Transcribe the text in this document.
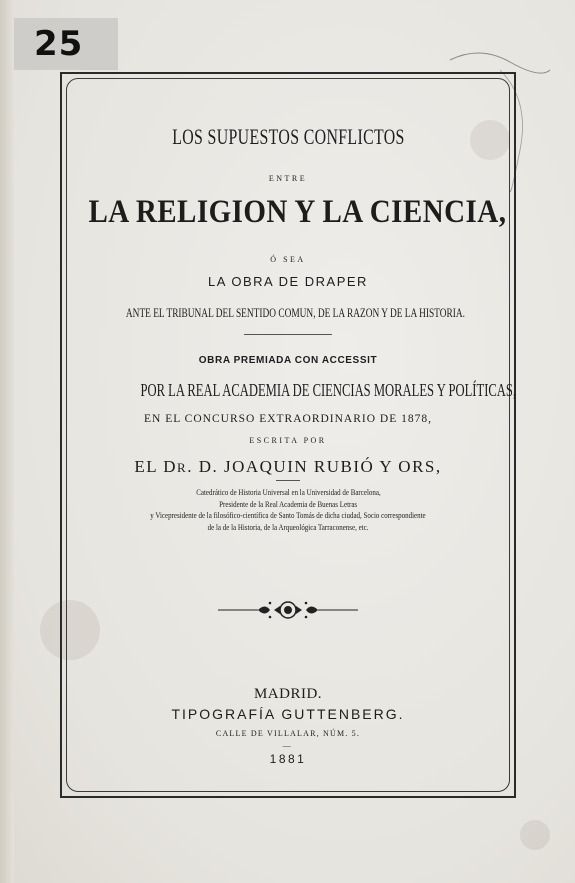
25
LOS SUPUESTOS CONFLICTOS
ENTRE
LA RELIGION Y LA CIENCIA,
Ó SEA
LA OBRA DE DRAPER
ANTE EL TRIBUNAL DEL SENTIDO COMUN, DE LA RAZON Y DE LA HISTORIA.
OBRA PREMIADA CON ACCESSIT
POR LA REAL ACADEMIA DE CIENCIAS MORALES Y POLÍTICAS,
EN EL CONCURSO EXTRAORDINARIO DE 1878,
ESCRITA POR
EL DR. D. JOAQUIN RUBIÓ Y ORS,
Catedrático de Historia Universal en la Universidad de Barcelona,
Presidente de la Real Academia de Buenas Letras
y Vicepresidente de la filosófico-científica de Santo Tomás de dicha ciudad, Socio correspondiente
de la de la Historia, de la Arqueológica Tarraconense, etc.
MADRID.
TIPOGRAFÍA GUTTENBERG.
CALLE DE VILLALAR, NÚM. 5.
—
1881
